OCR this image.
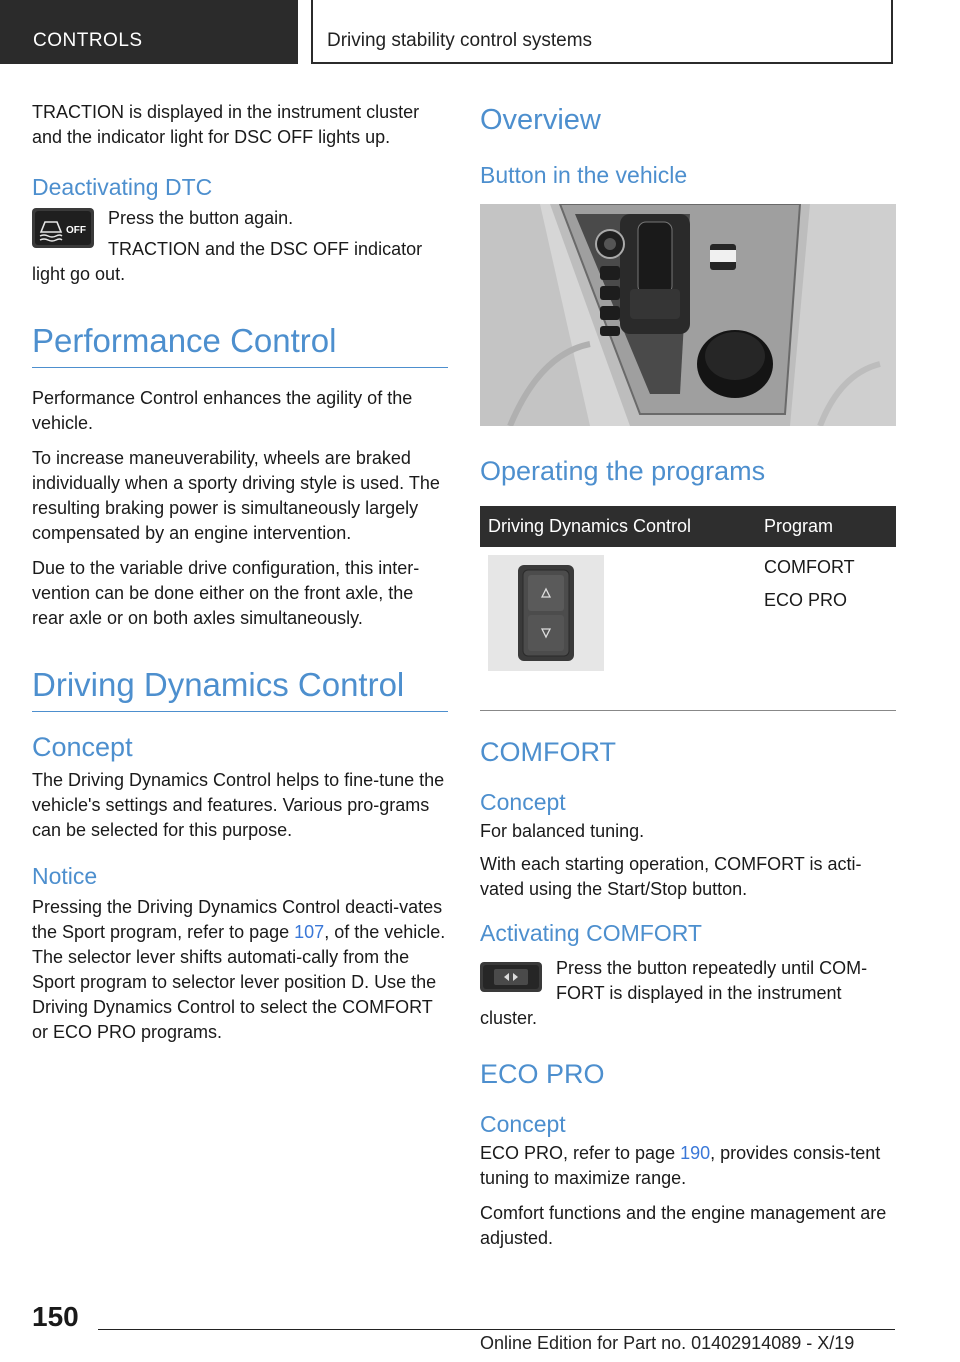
CONTROLS	Driving stability control systems

TRACTION is displayed in the instrument cluster and the indicator light for DSC OFF lights up.

Deactivating DTC
OFF

Press the button again.

TRACTION and the DSC OFF indicator light go out.

Performance Control

Performance Control enhances the agility of the vehicle.

To increase maneuverability, wheels are braked individually when a sporty driving style is used. The resulting braking power is simultaneously largely compensated by an engine intervention.

Due to the variable drive configuration, this inter-vention can be done either on the front axle, the rear axle or on both axles simultaneously.

Driving Dynamics Control
Concept

The Driving Dynamics Control helps to fine-tune the vehicle's settings and features. Various pro-grams can be selected for this purpose.

Notice

Pressing the Driving Dynamics Control deacti-vates the Sport program, refer to page 107, of the vehicle. The selector lever shifts automati-cally from the Sport program to selector lever position D. Use the Driving Dynamics Control to select the COMFORT or ECO PRO programs.

Overview
Button in the vehicle
Operating the programs
Driving Dynamics Control	Program

COMFORT
ECO PRO
COMFORT
Concept

For balanced tuning.

With each starting operation, COMFORT is acti-vated using the Start/Stop button.

Activating COMFORT

Press the button repeatedly until COM-FORT is displayed in the instrument cluster.

ECO PRO
Concept

ECO PRO, refer to page 190, provides consis-tent tuning to maximize range.

Comfort functions and the engine management are adjusted.

150
Online Edition for Part no. 01402914089 - X/19
